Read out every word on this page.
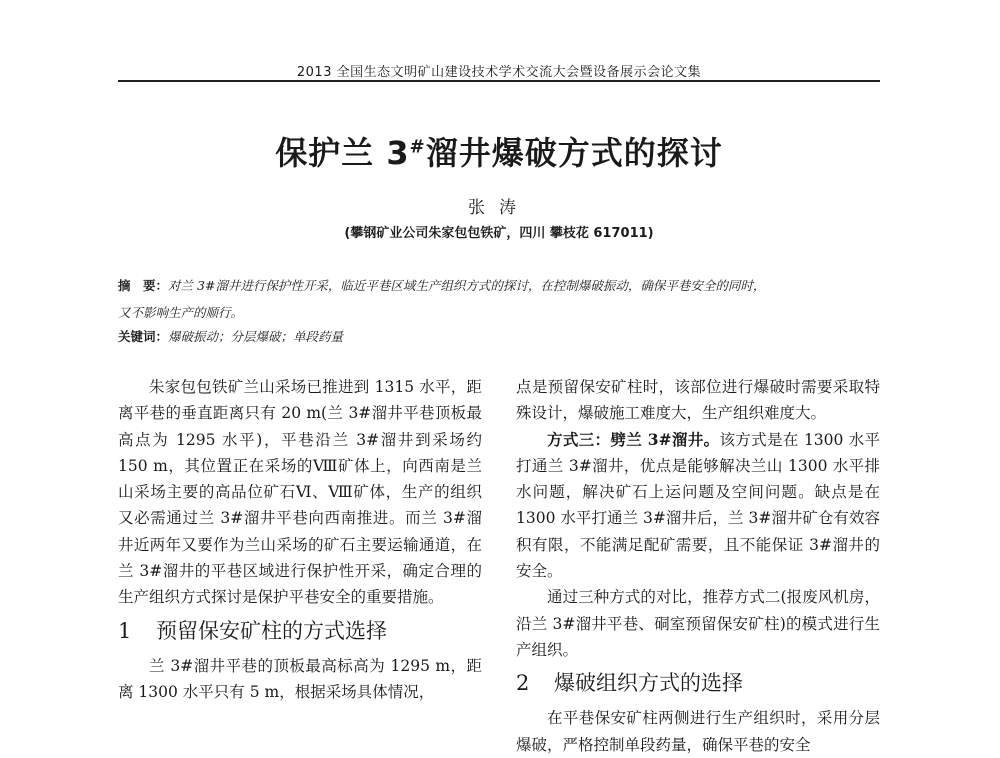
2013 全国生态文明矿山建设技术学术交流大会暨设备展示会论文集
保护兰 3#溜井爆破方式的探讨
张涛
(攀钢矿业公司朱家包包铁矿，四川 攀枝花 617011)
摘　要：对兰 3#溜井进行保护性开采，临近平巷区域生产组织方式的探讨，在控制爆破振动，确保平巷安全的同时，
又不影响生产的顺行。
关键词：爆破振动；分层爆破；单段药量

朱家包包铁矿兰山采场已推进到 1315 水平，距离平巷的垂直距离只有 20 m(兰 3#溜井平巷顶板最高点为 1295 水平)，平巷沿兰 3#溜井到采场约 150 m，其位置正在采场的Ⅷ矿体上，向西南是兰山采场主要的高品位矿石Ⅵ、Ⅷ矿体，生产的组织又必需通过兰 3#溜井平巷向西南推进。而兰 3#溜井近两年又要作为兰山采场的矿石主要运输通道，在兰 3#溜井的平巷区域进行保护性开采，确定合理的生产组织方式探讨是保护平巷安全的重要措施。

1 预留保安矿柱的方式选择

兰 3#溜井平巷的顶板最高标高为 1295 m，距离 1300 水平只有 5 m，根据采场具体情况，

点是预留保安矿柱时，该部位进行爆破时需要采取特殊设计，爆破施工难度大，生产组织难度大。

方式三：劈兰 3#溜井。该方式是在 1300 水平打通兰 3#溜井，优点是能够解决兰山 1300 水平排水问题，解决矿石上运问题及空间问题。缺点是在 1300 水平打通兰 3#溜井后，兰 3#溜井矿仓有效容积有限，不能满足配矿需要，且不能保证 3#溜井的安全。

通过三种方式的对比，推荐方式二(报废风机房，沿兰 3#溜井平巷、硐室预留保安矿柱)的模式进行生产组织。

2 爆破组织方式的选择

在平巷保安矿柱两侧进行生产组织时，采用分层爆破，严格控制单段药量，确保平巷的安全
